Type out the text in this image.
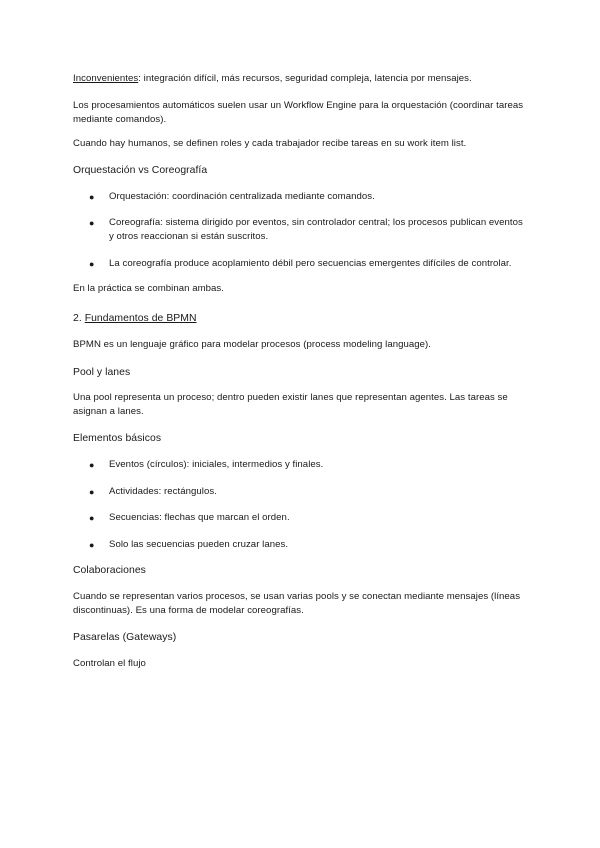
Inconvenientes: integración difícil, más recursos, seguridad compleja, latencia por mensajes.

Los procesamientos automáticos suelen usar un Workflow Engine para la orquestación (coordinar tareas mediante comandos).

Cuando hay humanos, se definen roles y cada trabajador recibe tareas en su work item list.

Orquestación vs Coreografía

● Orquestación: coordinación centralizada mediante comandos.
● Coreografía: sistema dirigido por eventos, sin controlador central; los procesos publican eventos y otros reaccionan si están suscritos.
● La coreografía produce acoplamiento débil pero secuencias emergentes difíciles de controlar.

En la práctica se combinan ambas.

2. Fundamentos de BPMN

BPMN es un lenguaje gráfico para modelar procesos (process modeling language).

Pool y lanes

Una pool representa un proceso; dentro pueden existir lanes que representan agentes. Las tareas se asignan a lanes.

Elementos básicos

● Eventos (círculos): iniciales, intermedios y finales.
● Actividades: rectángulos.
● Secuencias: flechas que marcan el orden.
● Solo las secuencias pueden cruzar lanes.

Colaboraciones

Cuando se representan varios procesos, se usan varias pools y se conectan mediante mensajes (líneas discontinuas). Es una forma de modelar coreografías.

Pasarelas (Gateways)

Controlan el flujo
